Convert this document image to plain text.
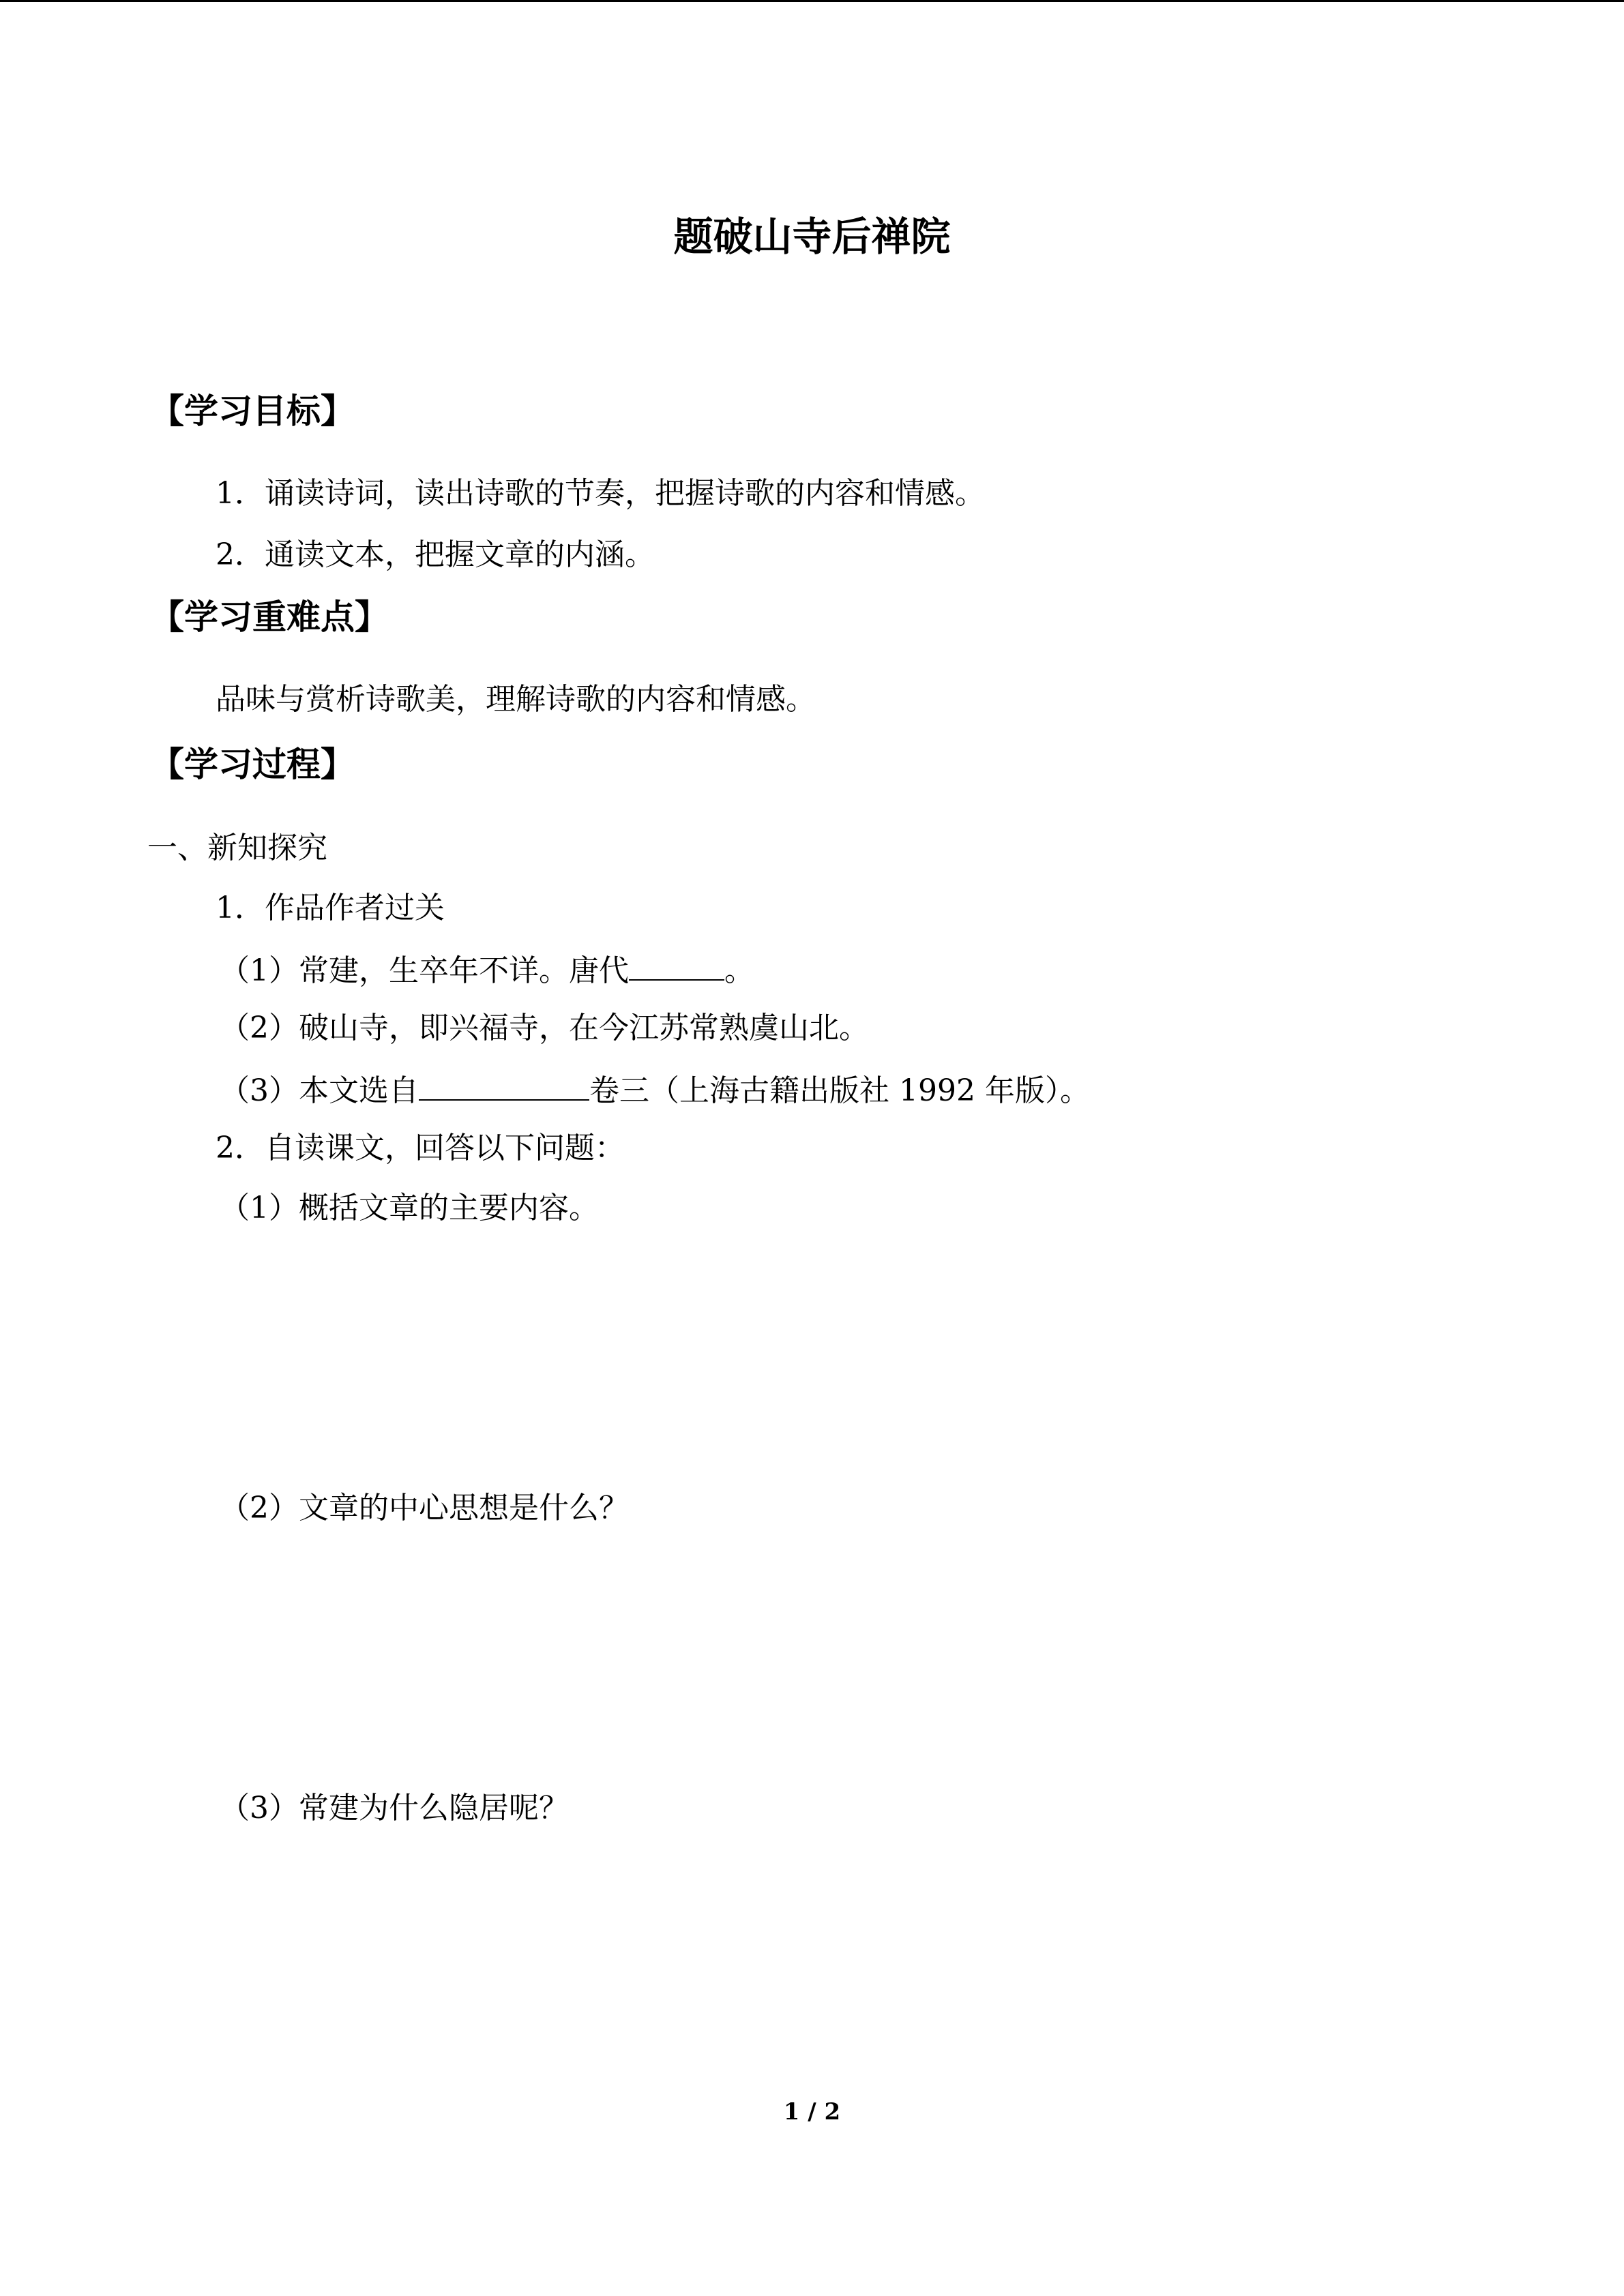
题破山寺后禅院
【学习目标】
1．诵读诗词，读出诗歌的节奏，把握诗歌的内容和情感。
2．通读文本，把握文章的内涵。
【学习重难点】
品味与赏析诗歌美，理解诗歌的内容和情感。
【学习过程】
一、新知探究
1．作品作者过关
（1）常建，生卒年不详。唐代	。
（2）破山寺，即兴福寺，在今江苏常熟虞山北。
（3）本文选自	卷三（上海古籍出版社 1992 年版）。
2．自读课文，回答以下问题：
（1）概括文章的主要内容。
（2）文章的中心思想是什么？
（3）常建为什么隐居呢？
1 / 2
